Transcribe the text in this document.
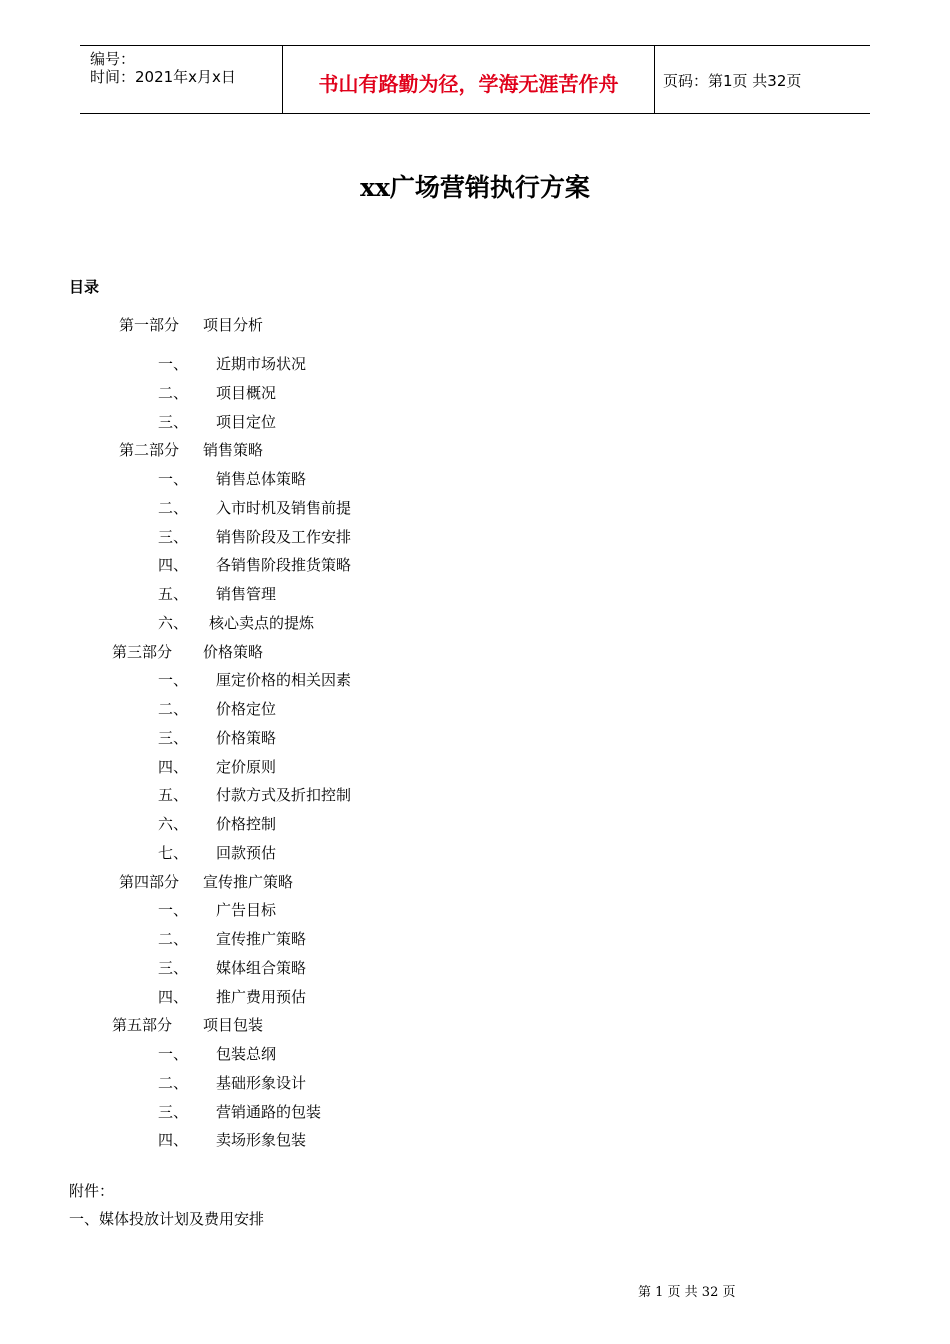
编号：
时间：2021年x月x日	书山有路勤为径，学海无涯苦作舟	页码：第1页 共32页
xx广场营销执行方案
目录
第一部分 项目分析
一、 近期市场状况
二、 项目概况
三、 项目定位
第二部分 销售策略
一、 销售总体策略
二、 入市时机及销售前提
三、 销售阶段及工作安排
四、 各销售阶段推货策略
五、 销售管理
六、 核心卖点的提炼
第三部分 价格策略
一、 厘定价格的相关因素
二、 价格定位
三、 价格策略
四、 定价原则
五、 付款方式及折扣控制
六、 价格控制
七、 回款预估
第四部分 宣传推广策略
一、 广告目标
二、 宣传推广策略
三、 媒体组合策略
四、 推广费用预估
第五部分 项目包装
一、 包装总纲
二、 基础形象设计
三、 营销通路的包装
四、 卖场形象包装
附件：
一、媒体投放计划及费用安排
第 1 页 共 32 页
